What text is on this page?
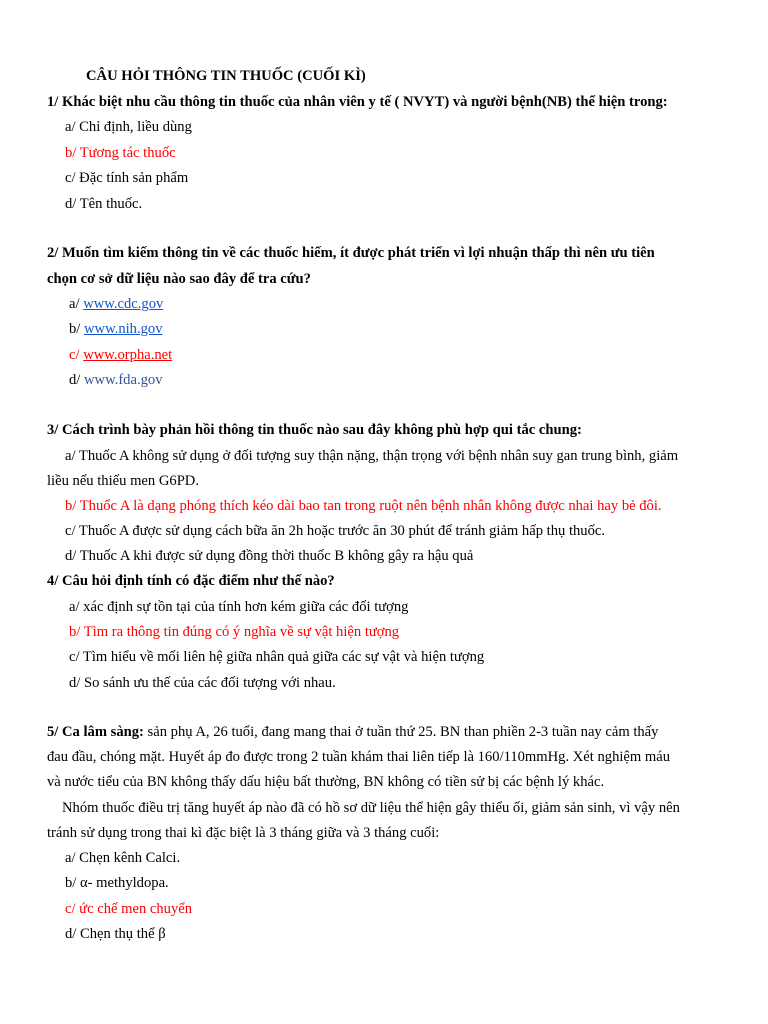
CÂU HỎI THÔNG TIN THUỐC (CUỐI KÌ)
1/ Khác biệt nhu cầu thông tin thuốc của nhân viên y tế ( NVYT) và người bệnh(NB) thể hiện trong:
a/ Chỉ định, liều dùng
b/ Tương tác thuốc
c/ Đặc tính sản phẩm
d/ Tên thuốc.
2/ Muốn tìm kiếm thông tin về các thuốc hiếm, ít được phát triển vì lợi nhuận thấp thì nên ưu tiên
chọn cơ sở dữ liệu nào sao đây để tra cứu?
a/ www.cdc.gov
b/ www.nih.gov
c/ www.orpha.net
d/ www.fda.gov
3/ Cách trình bày phản hồi thông tin thuốc nào sau đây không phù hợp qui tắc chung:
a/ Thuốc A không sử dụng ở đối tượng suy thận nặng, thận trọng với bệnh nhân suy gan trung bình, giảm
liều nếu thiếu men G6PD.
b/ Thuốc A là dạng phóng thích kéo dài bao tan trong ruột nên bệnh nhân không được nhai hay bẻ đôi.
c/ Thuốc A được sử dụng cách bữa ăn 2h hoặc trước ăn 30 phút để tránh giảm hấp thụ thuốc.
d/ Thuốc A khi được sử dụng đồng thời thuốc B không gây ra hậu quả
4/ Câu hỏi định tính có đặc điểm như thế nào?
a/ xác định sự tồn tại của tính hơn kém giữa các đối tượng
b/ Tìm ra thông tin đúng có ý nghĩa về sự vật hiện tượng
c/ Tìm hiểu về mối liên hệ giữa nhân quả giữa các sự vật và hiện tượng
d/ So sánh ưu thế của các đối tượng với nhau.
5/ Ca lâm sàng: sản phụ A, 26 tuổi, đang mang thai ở tuần thứ 25. BN than phiền 2-3 tuần nay cảm thấy
đau đầu, chóng mặt. Huyết áp đo được trong 2 tuần khám thai liên tiếp là 160/110mmHg. Xét nghiệm máu
và nước tiểu của BN không thấy dấu hiệu bất thường, BN không có tiền sử bị các bệnh lý khác.
Nhóm thuốc điều trị tăng huyết áp nào đã có hồ sơ dữ liệu thể hiện gây thiểu ối, giảm sản sinh, vì vậy nên
tránh sử dụng trong thai kì đặc biệt là 3 tháng giữa và 3 tháng cuối:
a/ Chẹn kênh Calci.
b/ α- methyldopa.
c/ ức chế men chuyển
d/ Chẹn thụ thể β
